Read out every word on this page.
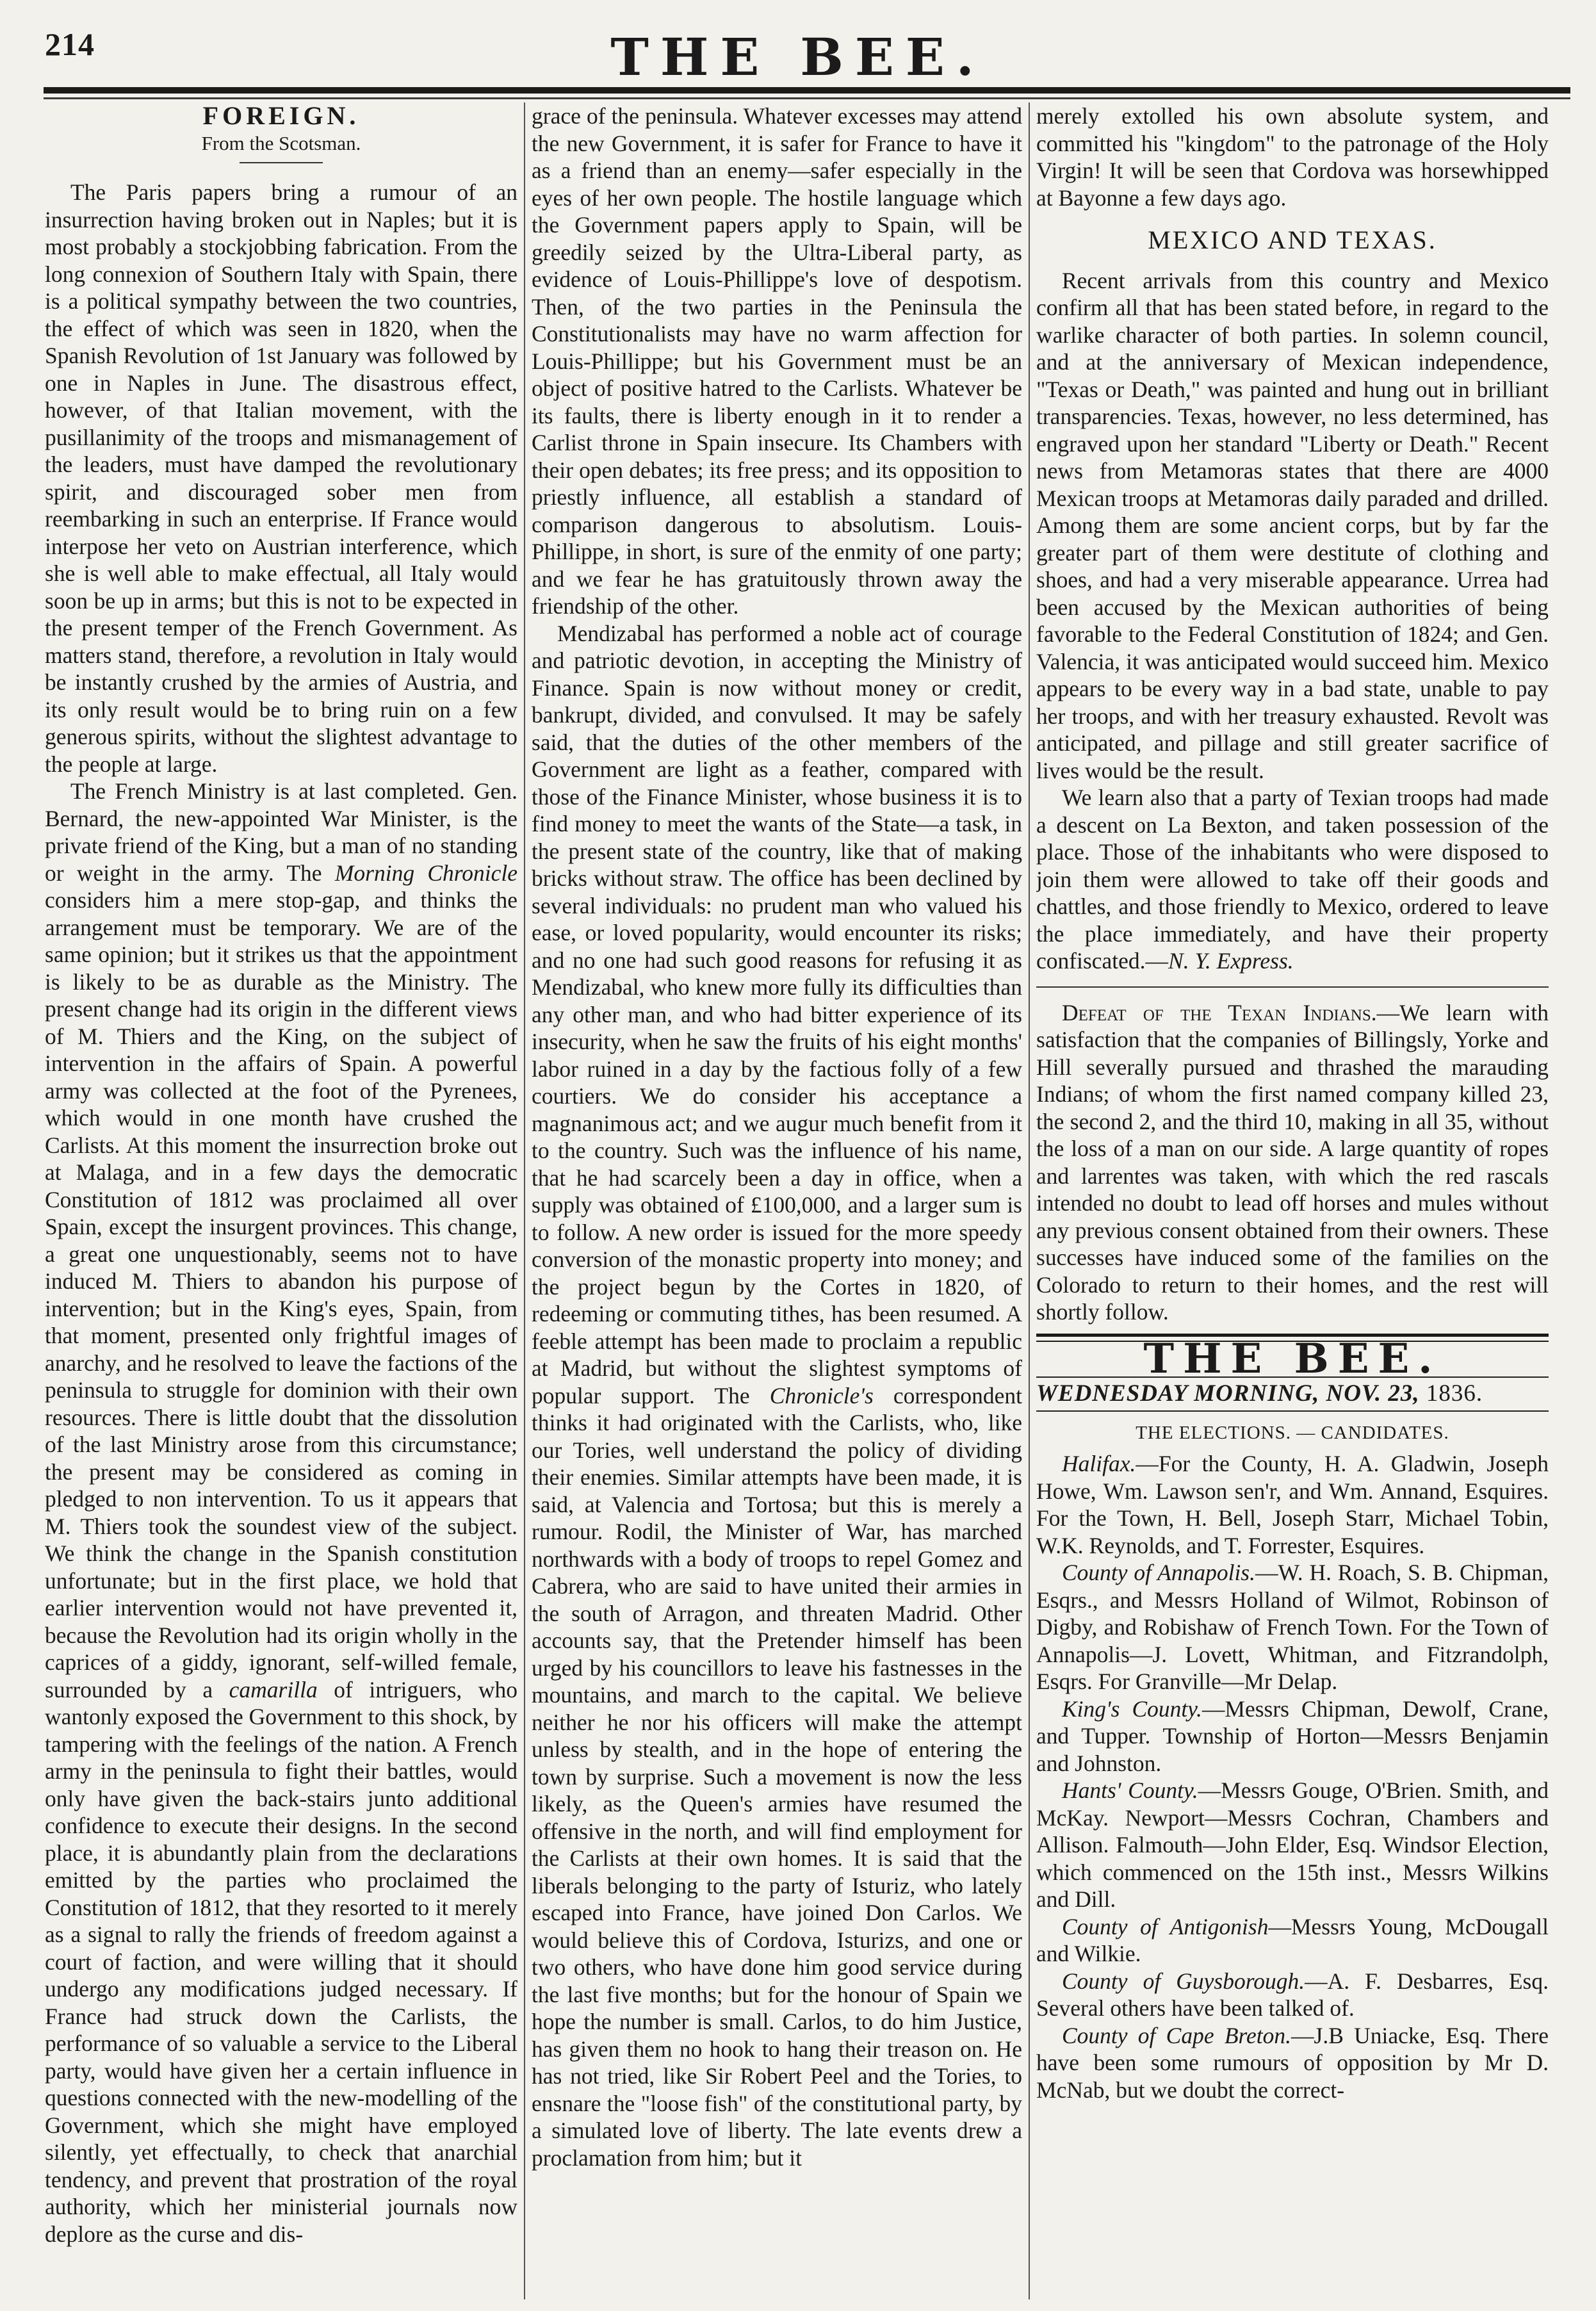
214	THE BEE.

FOREIGN.

From the Scotsman.

The Paris papers bring a rumour of an insurrection having broken out in Naples; but it is most probably a stockjobbing fabrication. From the long connexion of Southern Italy with Spain, there is a political sympathy between the two countries, the effect of which was seen in 1820, when the Spanish Revolution of 1st January was followed by one in Naples in June. The disastrous effect, however, of that Italian movement, with the pusillanimity of the troops and mismanagement of the leaders, must have damped the revolutionary spirit, and discouraged sober men from reembarking in such an enterprise. If France would interpose her veto on Austrian interference, which she is well able to make effectual, all Italy would soon be up in arms; but this is not to be expected in the present temper of the French Government. As matters stand, therefore, a revolution in Italy would be instantly crushed by the armies of Austria, and its only result would be to bring ruin on a few generous spirits, without the slightest advantage to the people at large.

The French Ministry is at last completed. Gen. Bernard, the new-appointed War Minister, is the private friend of the King, but a man of no standing or weight in the army. The Morning Chronicle considers him a mere stop-gap, and thinks the arrangement must be temporary. We are of the same opinion; but it strikes us that the appointment is likely to be as durable as the Ministry. The present change had its origin in the different views of M. Thiers and the King, on the subject of intervention in the affairs of Spain. A powerful army was collected at the foot of the Pyrenees, which would in one month have crushed the Carlists. At this moment the insurrection broke out at Malaga, and in a few days the democratic Constitution of 1812 was proclaimed all over Spain, except the insurgent provinces. This change, a great one unquestionably, seems not to have induced M. Thiers to abandon his purpose of intervention; but in the King's eyes, Spain, from that moment, presented only frightful images of anarchy, and he resolved to leave the factions of the peninsula to struggle for dominion with their own resources. There is little doubt that the dissolution of the last Ministry arose from this circumstance; the present may be considered as coming in pledged to non intervention. To us it appears that M. Thiers took the soundest view of the subject. We think the change in the Spanish constitution unfortunate; but in the first place, we hold that earlier intervention would not have prevented it, because the Revolution had its origin wholly in the caprices of a giddy, ignorant, self-willed female, surrounded by a camarilla of intriguers, who wantonly exposed the Government to this shock, by tampering with the feelings of the nation. A French army in the peninsula to fight their battles, would only have given the back-stairs junto additional confidence to execute their designs. In the second place, it is abundantly plain from the declarations emitted by the parties who proclaimed the Constitution of 1812, that they resorted to it merely as a signal to rally the friends of freedom against a court of faction, and were willing that it should undergo any modifications judged necessary. If France had struck down the Carlists, the performance of so valuable a service to the Liberal party, would have given her a certain influence in questions connected with the new-modelling of the Government, which she might have employed silently, yet effectually, to check that anarchial tendency, and prevent that prostration of the royal authority, which her ministerial journals now deplore as the curse and dis-

grace of the peninsula. Whatever excesses may attend the new Government, it is safer for France to have it as a friend than an enemy—safer especially in the eyes of her own people. The hostile language which the Government papers apply to Spain, will be greedily seized by the Ultra-Liberal party, as evidence of Louis-Phillippe's love of despotism. Then, of the two parties in the Peninsula the Constitutionalists may have no warm affection for Louis-Phillippe; but his Government must be an object of positive hatred to the Carlists. Whatever be its faults, there is liberty enough in it to render a Carlist throne in Spain insecure. Its Chambers with their open debates; its free press; and its opposition to priestly influence, all establish a standard of comparison dangerous to absolutism. Louis-Phillippe, in short, is sure of the enmity of one party; and we fear he has gratuitously thrown away the friendship of the other.

Mendizabal has performed a noble act of courage and patriotic devotion, in accepting the Ministry of Finance. Spain is now without money or credit, bankrupt, divided, and convulsed. It may be safely said, that the duties of the other members of the Government are light as a feather, compared with those of the Finance Minister, whose business it is to find money to meet the wants of the State—a task, in the present state of the country, like that of making bricks without straw. The office has been declined by several individuals: no prudent man who valued his ease, or loved popularity, would encounter its risks; and no one had such good reasons for refusing it as Mendizabal, who knew more fully its difficulties than any other man, and who had bitter experience of its insecurity, when he saw the fruits of his eight months' labor ruined in a day by the factious folly of a few courtiers. We do consider his acceptance a magnanimous act; and we augur much benefit from it to the country. Such was the influence of his name, that he had scarcely been a day in office, when a supply was obtained of £100,000, and a larger sum is to follow. A new order is issued for the more speedy conversion of the monastic property into money; and the project begun by the Cortes in 1820, of redeeming or commuting tithes, has been resumed. A feeble attempt has been made to proclaim a republic at Madrid, but without the slightest symptoms of popular support. The Chronicle's correspondent thinks it had originated with the Carlists, who, like our Tories, well understand the policy of dividing their enemies. Similar attempts have been made, it is said, at Valencia and Tortosa; but this is merely a rumour. Rodil, the Minister of War, has marched northwards with a body of troops to repel Gomez and Cabrera, who are said to have united their armies in the south of Arragon, and threaten Madrid. Other accounts say, that the Pretender himself has been urged by his councillors to leave his fastnesses in the mountains, and march to the capital. We believe neither he nor his officers will make the attempt unless by stealth, and in the hope of entering the town by surprise. Such a movement is now the less likely, as the Queen's armies have resumed the offensive in the north, and will find employment for the Carlists at their own homes. It is said that the liberals belonging to the party of Isturiz, who lately escaped into France, have joined Don Carlos. We would believe this of Cordova, Isturizs, and one or two others, who have done him good service during the last five months; but for the honour of Spain we hope the number is small. Carlos, to do him Justice, has given them no hook to hang their treason on. He has not tried, like Sir Robert Peel and the Tories, to ensnare the "loose fish" of the constitutional party, by a simulated love of liberty. The late events drew a proclamation from him; but it

merely extolled his own absolute system, and committed his "kingdom" to the patronage of the Holy Virgin! It will be seen that Cordova was horsewhipped at Bayonne a few days ago.

MEXICO AND TEXAS.

Recent arrivals from this country and Mexico confirm all that has been stated before, in regard to the warlike character of both parties. In solemn council, and at the anniversary of Mexican independence, "Texas or Death," was painted and hung out in brilliant transparencies. Texas, however, no less determined, has engraved upon her standard "Liberty or Death." Recent news from Metamoras states that there are 4000 Mexican troops at Metamoras daily paraded and drilled. Among them are some ancient corps, but by far the greater part of them were destitute of clothing and shoes, and had a very miserable appearance. Urrea had been accused by the Mexican authorities of being favorable to the Federal Constitution of 1824; and Gen. Valencia, it was anticipated would succeed him. Mexico appears to be every way in a bad state, unable to pay her troops, and with her treasury exhausted. Revolt was anticipated, and pillage and still greater sacrifice of lives would be the result.

We learn also that a party of Texian troops had made a descent on La Bexton, and taken possession of the place. Those of the inhabitants who were disposed to join them were allowed to take off their goods and chattles, and those friendly to Mexico, ordered to leave the place immediately, and have their property confiscated.—N. Y. Express.

Defeat of the Texan Indians.—We learn with satisfaction that the companies of Billingsly, Yorke and Hill severally pursued and thrashed the marauding Indians; of whom the first named company killed 23, the second 2, and the third 10, making in all 35, without the loss of a man on our side. A large quantity of ropes and larrentes was taken, with which the red rascals intended no doubt to lead off horses and mules without any previous consent obtained from their owners. These successes have induced some of the families on the Colorado to return to their homes, and the rest will shortly follow.

THE BEE.
WEDNESDAY MORNING, NOV. 23, 1836.

THE ELECTIONS. — CANDIDATES.

Halifax.—For the County, H. A. Gladwin, Joseph Howe, Wm. Lawson sen'r, and Wm. Annand, Esquires. For the Town, H. Bell, Joseph Starr, Michael Tobin, W.K. Reynolds, and T. Forrester, Esquires.

County of Annapolis.—W. H. Roach, S. B. Chipman, Esqrs., and Messrs Holland of Wilmot, Robinson of Digby, and Robishaw of French Town. For the Town of Annapolis—J. Lovett, Whitman, and Fitzrandolph, Esqrs. For Granville—Mr Delap.

King's County.—Messrs Chipman, Dewolf, Crane, and Tupper. Township of Horton—Messrs Benjamin and Johnston.

Hants' County.—Messrs Gouge, O'Brien. Smith, and McKay. Newport—Messrs Cochran, Chambers and Allison. Falmouth—John Elder, Esq. Windsor Election, which commenced on the 15th inst., Messrs Wilkins and Dill.

County of Antigonish—Messrs Young, McDougall and Wilkie.

County of Guysborough.—A. F. Desbarres, Esq. Several others have been talked of.

County of Cape Breton.—J.B Uniacke, Esq. There have been some rumours of opposition by Mr D. McNab, but we doubt the correct-
